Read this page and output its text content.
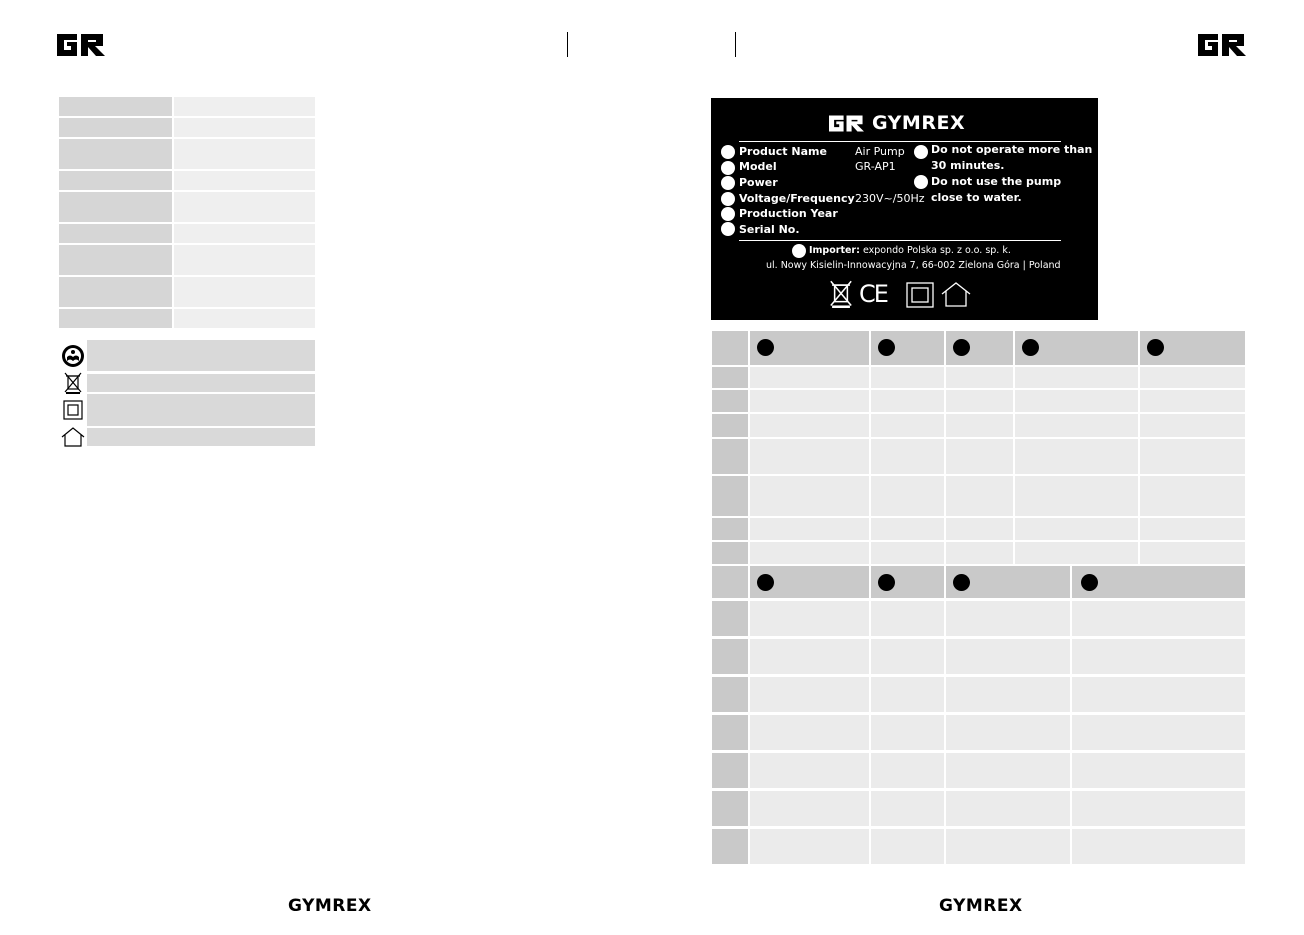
GYMREX
Product Name
Model
Power
Voltage/Frequency
Production Year
Serial No.
Air Pump
GR-AP1
230V~/50Hz
Do not operate more than
30 minutes.
Do not use the pump
close to water.
Importer: expondo Polska sp. z o.o. sp. k.
ul. Nowy Kisielin-Innowacyjna 7, 66-002 Zielona Góra | Poland
CE
GYMREX	GYMREX
